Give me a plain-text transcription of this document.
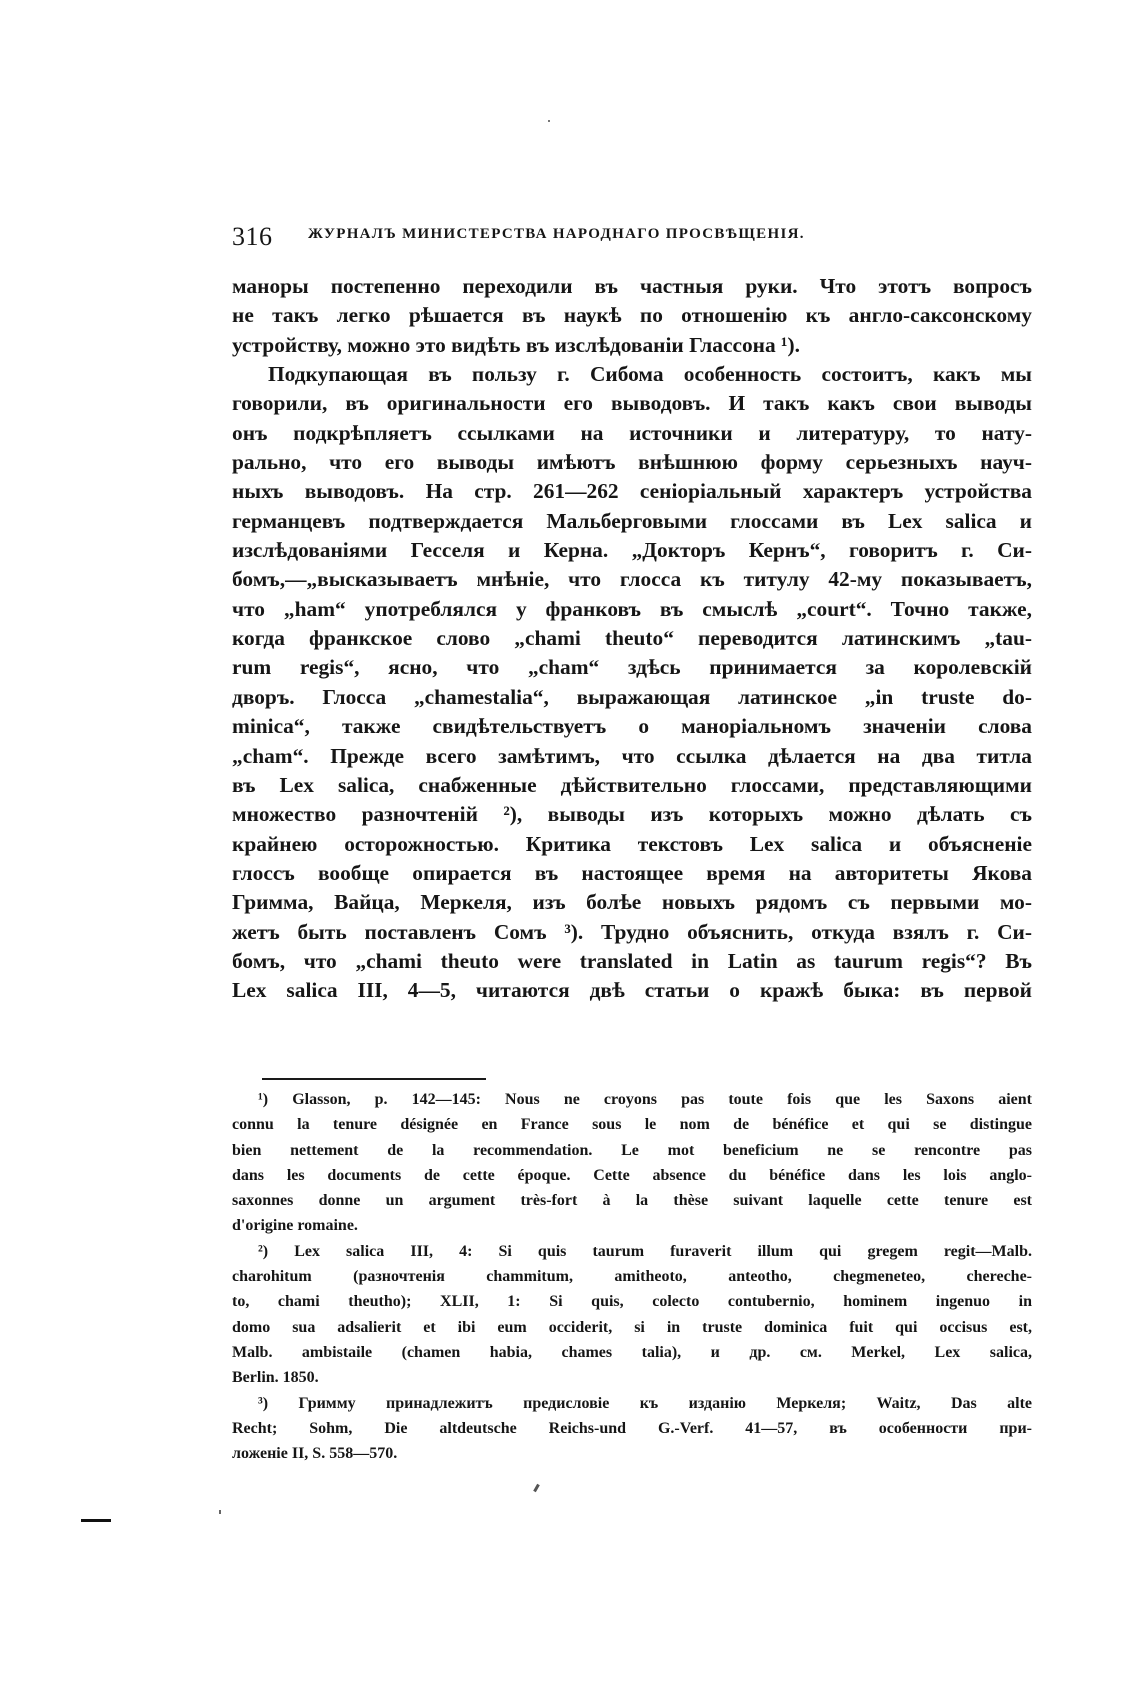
316 ЖУРНАЛЪ МИНИСТЕРСТВА НАРОДНАГО ПРОСВѢЩЕНІЯ.
маноры постепенно переходили въ частныя руки. Что этотъ вопросъ
не такъ легко рѣшается въ наукѣ по отношенію къ англо-саксонскому
устройству, можно это видѣть въ изслѣдованіи Глассона ¹).
Подкупающая въ пользу г. Сибома особенность состоитъ, какъ мы
говорили, въ оригинальности его выводовъ. И такъ какъ свои выводы
онъ подкрѣпляетъ ссылками на источники и литературу, то нату-
рально, что его выводы имѣютъ внѣшнюю форму серьезныхъ науч-
ныхъ выводовъ. На стр. 261—262 сеніоріальный характеръ устройства
германцевъ подтверждается Мальберговыми глоссами въ Lex salica и
изслѣдованіями Гесселя и Керна. „Докторъ Кернъ“, говоритъ г. Си-
бомъ,—„высказываетъ мнѣніе, что глосса къ титулу 42-му показываетъ,
что „ham“ употреблялся у франковъ въ смыслѣ „court“. Точно также,
когда франкское слово „chami theuto“ переводится латинскимъ „tau-
rum regis“, ясно, что „cham“ здѣсь принимается за королевскій
дворъ. Глосса „chamestalia“, выражающая латинское „in truste do-
minica“, также свидѣтельствуетъ о манорiальномъ значеніи слова
„cham“. Прежде всего замѣтимъ, что ссылка дѣлается на два титла
въ Lex salica, снабженные дѣйствительно глоссами, представляющими
множество разночтеній ²), выводы изъ которыхъ можно дѣлать съ
крайнею осторожностью. Критика текстовъ Lex salica и объясненіе
глоссъ вообще опирается въ настоящее время на авторитеты Якова
Гримма, Вайца, Меркеля, изъ болѣе новыхъ рядомъ съ первыми мо-
жетъ быть поставленъ Сомъ ³). Трудно объяснить, откуда взялъ г. Си-
бомъ, что „chami theuto were translated in Latin as taurum regis“? Въ
Lex salica III, 4—5, читаются двѣ статьи о кражѣ быка: въ первой
¹) Glasson, p. 142—145: Nous ne croyons pas toute fois que les Saxons aient
connu la tenure désignée en France sous le nom de bénéfice et qui se distingue
bien nettement de la recommendation. Le mot beneficium ne se rencontre pas
dans les documents de cette époque. Cette absence du bénéfice dans les lois anglo-
saxonnes donne un argument très-fort à la thèse suivant laquelle cette tenure est
d'origine romaine.
²) Lex salica III, 4: Si quis taurum furaverit illum qui gregem regit—Malb.
charohitum (разночтенія chammitum, amitheoto, anteotho, chegmeneteo, chereche-
to, chami theutho); XLII, 1: Si quis, colecto contubernio, hominem ingenuo in
domo sua adsalierit et ibi eum occiderit, si in truste dominica fuit qui occisus est,
Malb. ambistaile (chamen habia, chames talia), и др. см. Merkel, Lex salica,
Berlin. 1850.
³) Гримму принадлежитъ предисловіе къ изданію Меркеля; Waitz, Das alte
Recht; Sohm, Die altdeutsche Reichs-und G.-Verf. 41—57, въ особенности при-
ложеніе II, S. 558—570.
